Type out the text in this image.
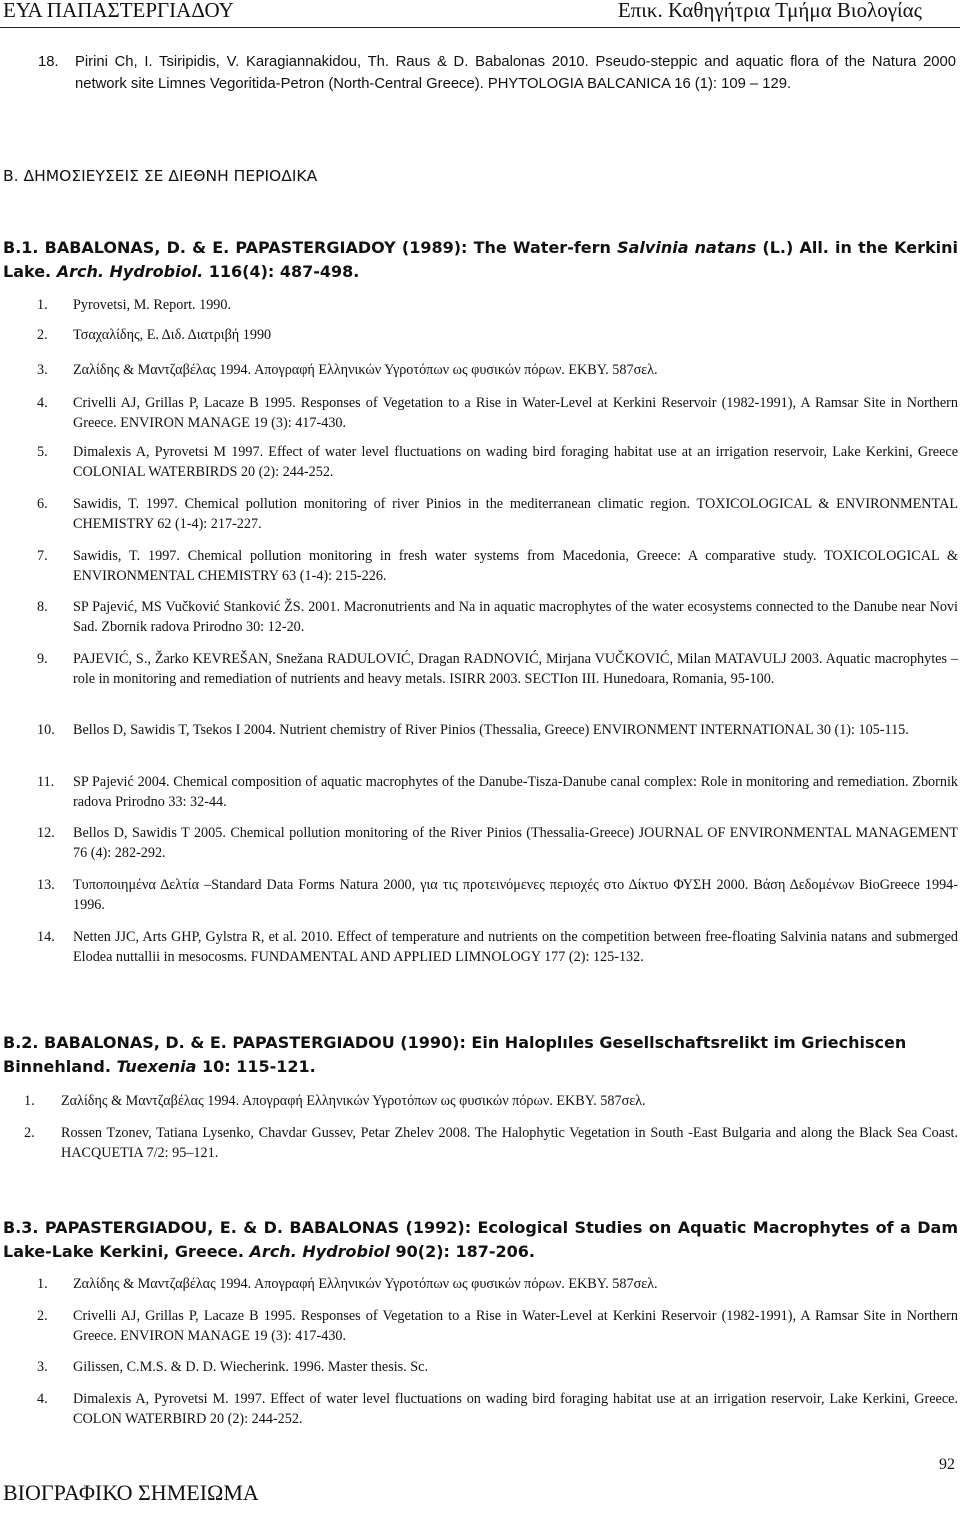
ΕΥΑ ΠΑΠΑΣΤΕΡΓΙΑΔΟΥ	Επικ. Καθηγήτρια Τμήμα Βιολογίας
18. Pirini Ch, I. Tsiripidis, V. Karagiannakidou, Th. Raus & D. Babalonas 2010. Pseudo-steppic and aquatic flora of the Natura 2000 network site Limnes Vegoritida-Petron (North-Central Greece). PHYTOLOGIA BALCANICA 16 (1): 109 – 129.
B. ΔΗΜΟΣΙΕΥΣΕΙΣ ΣΕ ΔΙΕΘΝΗ ΠΕΡΙΟΔΙΚΑ
B.1. BABALONAS, D. & E. PAPASTERGIADOY (1989): The Water-fern Salvinia natans (L.) All. in the Kerkini Lake. Arch. Hydrobiol. 116(4): 487-498.
1. Pyrovetsi, M. Report. 1990.
2. Τσαχαλίδης, Ε. Διδ. Διατριβή 1990
3. Ζαλίδης & Μαντζαβέλας 1994. Απογραφή Ελληνικών Υγροτόπων ως φυσικών πόρων. ΕΚΒΥ. 587σελ.
4. Crivelli AJ, Grillas P, Lacaze B 1995. Responses of Vegetation to a Rise in Water-Level at Kerkini Reservoir (1982-1991), A Ramsar Site in Northern Greece. ENVIRON MANAGE 19 (3): 417-430.
5. Dimalexis A, Pyrovetsi M 1997. Effect of water level fluctuations on wading bird foraging habitat use at an irrigation reservoir, Lake Kerkini, Greece COLONIAL WATERBIRDS 20 (2): 244-252.
6. Sawidis, T. 1997. Chemical pollution monitoring of river Pinios in the mediterranean climatic region. TOXICOLOGICAL & ENVIRONMENTAL CHEMISTRY 62 (1-4): 217-227.
7. Sawidis, T. 1997. Chemical pollution monitoring in fresh water systems from Macedonia, Greece: A comparative study. TOXICOLOGICAL & ENVIRONMENTAL CHEMISTRY 63 (1-4): 215-226.
8. SP Pajević, MS Vučković Stanković ŽS. 2001. Macronutrients and Na in aquatic macrophytes of the water ecosystems connected to the Danube near Novi Sad. Zbornik radova Prirodno 30: 12-20.
9. PAJEVIĆ, S., Žarko KEVREŠAN, Snežana RADULOVIĆ, Dragan RADNOVIĆ, Mirjana VUČKOVIĆ, Milan MATAVULJ 2003. Aquatic macrophytes – role in monitoring and remediation of nutrients and heavy metals. ISIRR 2003. SECTIon III. Hunedoara, Romania, 95-100.
10. Bellos D, Sawidis T, Tsekos I 2004. Nutrient chemistry of River Pinios (Thessalia, Greece) ENVIRONMENT INTERNATIONAL 30 (1): 105-115.
11. SP Pajević 2004. Chemical composition of aquatic macrophytes of the Danube-Tisza-Danube canal complex: Role in monitoring and remediation. Zbornik radova Prirodno 33: 32-44.
12. Bellos D, Sawidis T 2005. Chemical pollution monitoring of the River Pinios (Thessalia-Greece) JOURNAL OF ENVIRONMENTAL MANAGEMENT 76 (4): 282-292.
13. Τυποποιημένα Δελτία –Standard Data Forms Natura 2000, για τις προτεινόμενες περιοχές στο Δίκτυο ΦΥΣΗ 2000. Βάση Δεδομένων BioGreece 1994-1996.
14. Netten JJC, Arts GHP, Gylstra R, et al. 2010. Effect of temperature and nutrients on the competition between free-floating Salvinia natans and submerged Elodea nuttallii in mesocosms. FUNDAMENTAL AND APPLIED LIMNOLOGY 177 (2): 125-132.
B.2. BABALONAS, D. & E. PAPASTERGIADOU (1990): Ein Haloplıles Gesellschaftsrelikt im Griechiscen Binnehland. Tuexenia 10: 115-121.
1. Ζαλίδης & Μαντζαβέλας 1994. Απογραφή Ελληνικών Υγροτόπων ως φυσικών πόρων. ΕΚΒΥ. 587σελ.
2. Rossen Tzonev, Tatiana Lysenko, Chavdar Gussev, Petar Zhelev 2008. The Halophytic Vegetation in South -East Bulgaria and along the Black Sea Coast. HACQUETIA 7/2: 95–121.
B.3. PAPASTERGIADOU, E. & D. BABALONAS (1992): Ecological Studies on Aquatic Macrophytes of a Dam Lake-Lake Kerkini, Greece. Arch. Hydrobiol 90(2): 187-206.
1. Ζαλίδης & Μαντζαβέλας 1994. Απογραφή Ελληνικών Υγροτόπων ως φυσικών πόρων. ΕΚΒΥ. 587σελ.
2. Crivelli AJ, Grillas P, Lacaze B 1995. Responses of Vegetation to a Rise in Water-Level at Kerkini Reservoir (1982-1991), A Ramsar Site in Northern Greece. ENVIRON MANAGE 19 (3): 417-430.
3. Gilissen, C.M.S. & D. D. Wiecherink. 1996. Master thesis. Sc.
4. Dimalexis A, Pyrovetsi M. 1997. Effect of water level fluctuations on wading bird foraging habitat use at an irrigation reservoir, Lake Kerkini, Greece. COLON WATERBIRD 20 (2): 244-252.
92
ΒΙΟΓΡΑΦΙΚΟ ΣΗΜΕΙΩΜΑ
